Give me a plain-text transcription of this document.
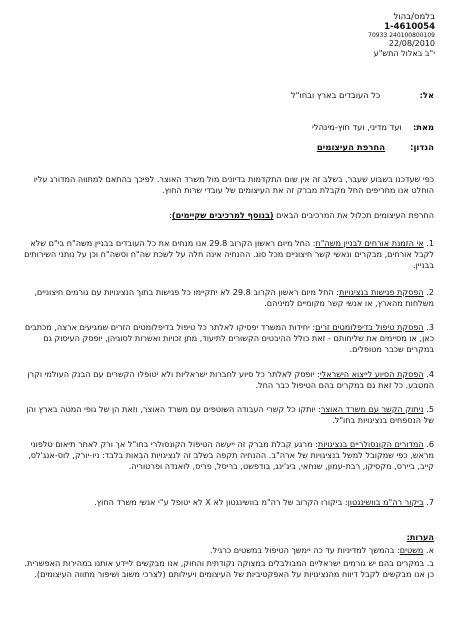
בלמס/בהול
1-4610054
240100800109 70933
22/08/2010
י"ב באלול התש"ע
אל:  כל העובדים בארץ ובחו"ל
מאת:  ועד מדיני, ועד חוץ-מינהלי
הנדון: החרפת העיצומים
כפי שעדכנו בשבוע שעבר, בשלב זה אין שום התקדמות בדיונים מול משרד האוצר. לפיכך בהתאם למתווה המדורג עליו הוחלט אנו מחריפים החל מקבלת מברק זה את העיצומים של עובדי שרות החוץ.
החרפת העיצומים תכלול את המרכיבים הבאים (בנוסף למרכיבים שקיימים):
1. אי הזמנת אורחים לבניין משה"ח: החל מיום ראשון הקרוב 29.8 אנו מנחים את כל העובדים בבניין משה"ח בי"ם שלא לקבל אורחים, מבקרים ונאשי קשר חיצוניים מכל סוג. ההנחיה אינה חלה על לשכת שה"ח וסשה"ח וכן על נותני השירותים בבניין.
2. הפסקת פגישות בנציגויות: החל מיום ראשון הקרוב 29.8 לא יתקיימו כל פגישות בתוך הנציגויות עם גורמים חיצוניים, משלחות מהארץ, או אנשי קשר מקומיים למיניהם.
3. הפסקת טיפול בדיפלומטים זרים: יחידות המשרד יפסיקו לאלתר כל טיפול בדיפלומטים הזרים שמגיעים ארצה, מכתבים כאן, או מסיימים את שליחותם - זאת כולל ההיבטים הקשורים לתיעוד, מתן זכויות ואשרות לסוגיהן, יופסק העיסוק גם במקרים שכבר מטופלים.
4. הפסקת הסיוע לייצוא הישראלי: יופסק לאלתר כל סיוע לחברות ישראליות ולא יטופלו הקשרים עם הבנק העולמי וקרן המטבע. כל זאת גם במקרים בהם הטיפול כבר החל.
5. ניתוק הקשר עם משרד האוצר: יותקו כל קשרי העבודה השוטפים עם משרד האוצר, וזאת הן של גופי המטה בארץ והן של הנספחים בנציגויות בחו"ל.
6. המדורים הקונסולריים בנציגויות: מרגע קבלת מברק זה ייעשה הטיפול הקונסולרי בחו"ל אך ורק לאחר תיאום טלפוני מראש, כפי שמקובל למשל בנציגויות של ארה"ב. ההנחיה תקפה בשלב זה לנציגויות הבאות בלבד: ניו-יורק, לוס-אנג'לס, קייב, ביירס, מקסיקו, רבת-עמון, שנחאי, ביג'ינג, בודפשט, בריסל, פריס, לואנדה ופרטוריה.
7. ביקור רה"מ בוושינגטון: ביקורו הקרוב של רה"מ בוושינגטון לא X לא יטופל ע"י אנשי משרד החוץ.
הערות:
א. משטים: בהמשך למדיניות עד כה יימשך הטיפול במשטים כרגיל.
ב. במקרים בהם יש גורמים ישראליים המבולבלים במצוקה נקודתית והחוק, אנו מבקשים ליידע אותנו במהירות האפשרית. כן אנו מבקשים לקבל דיווח מהנציגויות על האפקטיביות של העיצומים ויעילותם (לצרכי משוב ושיפור מתווה העיצומים).
